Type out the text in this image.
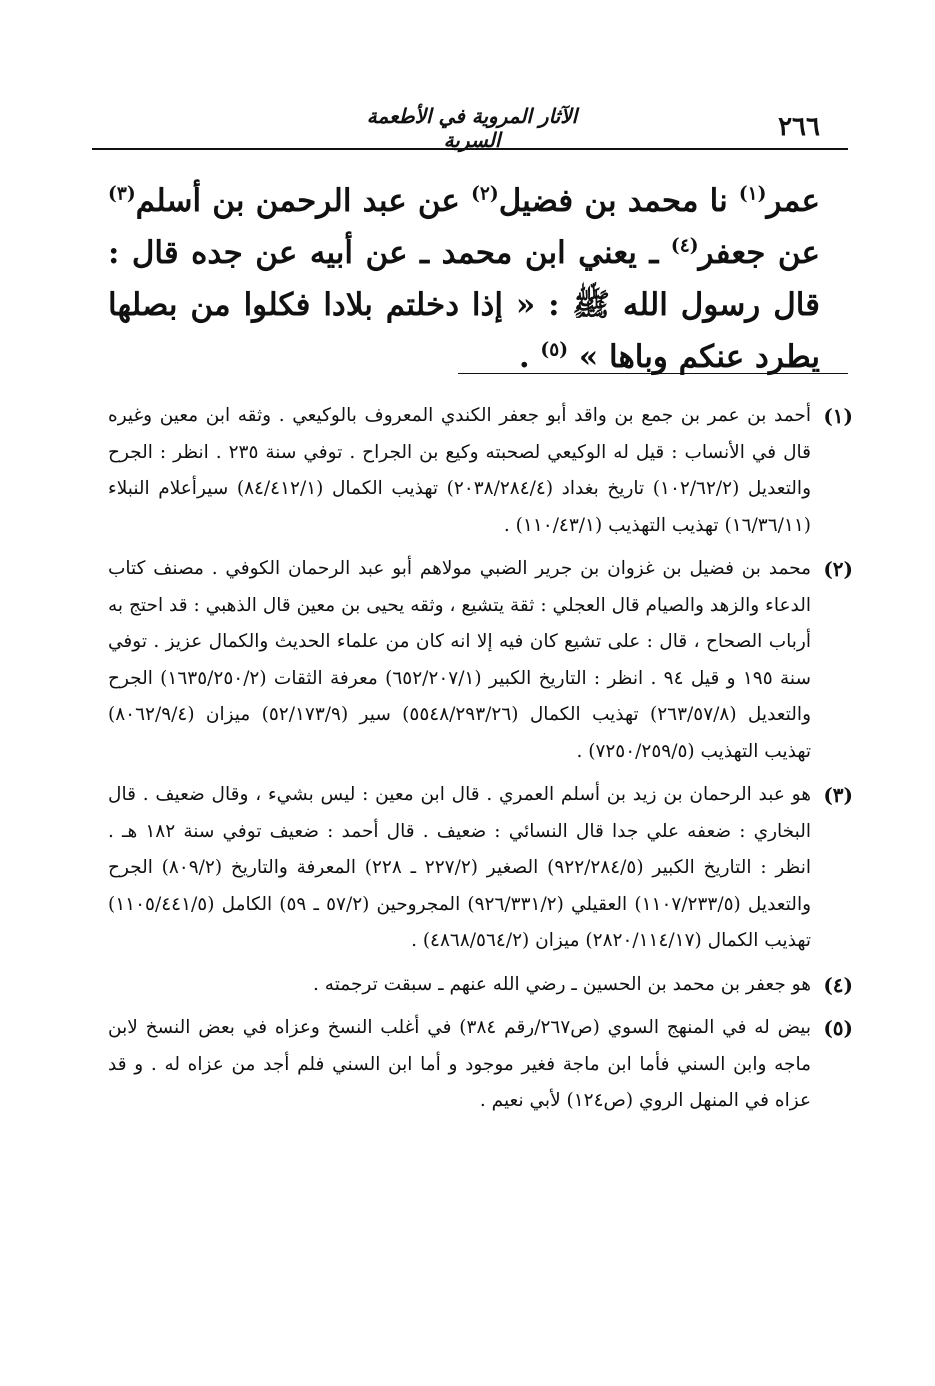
الآثار المروية في الأطعمة السرية	٢٦٦

عمر$^{(١)}$ نا محمد بن فضيل$^{(٢)}$ عن عبد الرحمن بن أسلم$^{(٣)}$ عن جعفر$^{(٤)}$ ـ يعني ابن محمد ـ عن أبيه عن جده قال : قال رسول الله ﷺ : « إذا دخلتم بلادا فكلوا من بصلها يطرد عنكم وباها » $^{(٥)}$ .

(١)
أحمد بن عمر بن جمع بن واقد أبو جعفر الكندي المعروف بالوكيعي . وثقه ابن معين وغيره قال في الأنساب : قيل له الوكيعي لصحبته وكيع بن الجراح . توفي سنة ٢٣٥ . انظر : الجرح والتعديل (١٠٢/٦٢/٢) تاريخ بغداد (٢٠٣٨/٢٨٤/٤) تهذيب الكمال (٨٤/٤١٢/١) سيرأعلام النبلاء (١٦/٣٦/١١) تهذيب التهذيب (١١٠/٤٣/١) .
(٢)
محمد بن فضيل بن غزوان بن جرير الضبي مولاهم أبو عبد الرحمان الكوفي . مصنف كتاب الدعاء والزهد والصيام قال العجلي : ثقة يتشيع ، وثقه يحيى بن معين قال الذهبي : قد احتج به أرباب الصحاح ، قال : على تشيع كان فيه إلا انه كان من علماء الحديث والكمال عزيز . توفي سنة ١٩٥ و قيل ٩٤ . انظر : التاريخ الكبير (٦٥٢/٢٠٧/١) معرفة الثقات (١٦٣٥/٢٥٠/٢) الجرح والتعديل (٢٦٣/٥٧/٨) تهذيب الكمال (٥٥٤٨/٢٩٣/٢٦) سير (٥٢/١٧٣/٩) ميزان (٨٠٦٢/٩/٤) تهذيب التهذيب (٧٢٥٠/٢٥٩/٥) .
(٣)
هو عبد الرحمان بن زيد بن أسلم العمري . قال ابن معين : ليس بشيء ، وقال ضعيف . قال البخاري : ضعفه علي جدا قال النسائي : ضعيف . قال أحمد : ضعيف توفي سنة ١٨٢ هـ . انظر : التاريخ الكبير (٩٢٢/٢٨٤/٥) الصغير (٢٢٧/٢ ـ ٢٢٨) المعرفة والتاريخ (٨٠٩/٢) الجرح والتعديل (١١٠٧/٢٣٣/٥) العقيلي (٩٢٦/٣٣١/٢) المجروحين (٥٧/٢ ـ ٥٩) الكامل (١١٠٥/٤٤١/٥) تهذيب الكمال (٢٨٢٠/١١٤/١٧) ميزان (٤٨٦٨/٥٦٤/٢) .
(٤)
هو جعفر بن محمد بن الحسين ـ رضي الله عنهم ـ سبقت ترجمته .
(٥)
بيض له في المنهج السوي (ص٢٦٧/رقم ٣٨٤) في أغلب النسخ وعزاه في بعض النسخ لابن ماجه وابن السني فأما ابن ماجة فغير موجود و أما ابن السني فلم أجد من عزاه له . و قد عزاه في المنهل الروي (ص١٢٤) لأبي نعيم .
